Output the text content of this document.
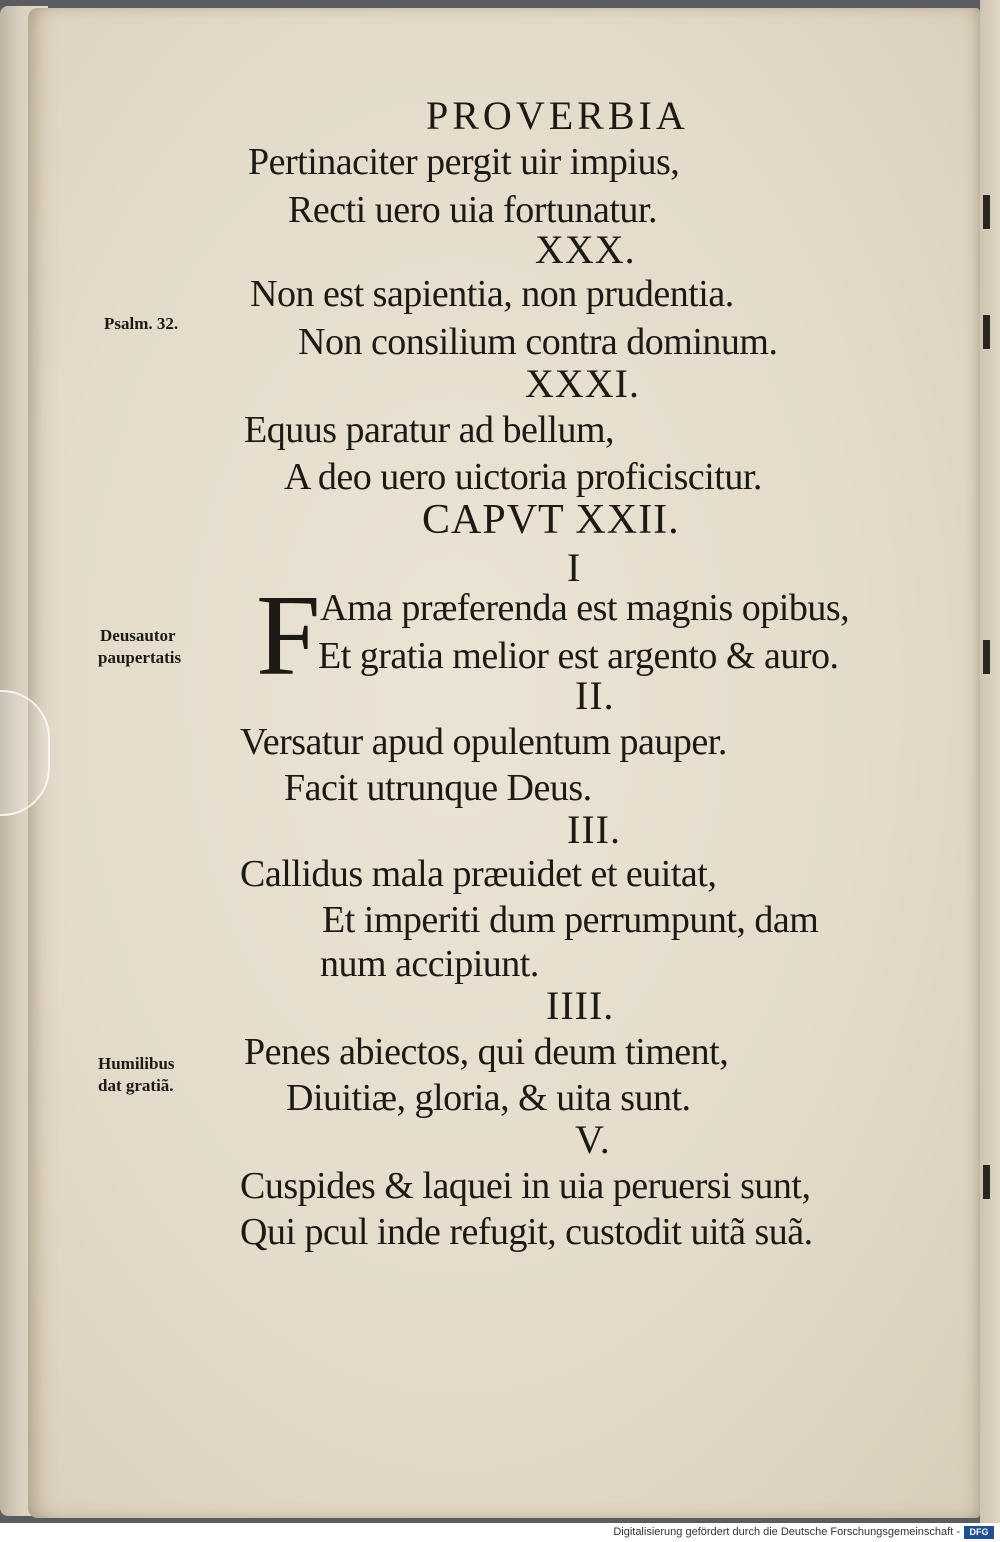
PROVERBIA
Pertinaciter pergit uir impius,
Recti uero uia fortunatur.
XXX.
Non est sapientia, non prudentia.
Non consilium contra dominum.
XXXI.
Equus paratur ad bellum,
A deo uero uictoria proficiscitur.
CAPVT XXII.
I
F Ama præferenda est magnis opibus,
Et gratia melior est argento & auro.
II.
Versatur apud opulentum pauper.
Facit utrunque Deus.
III.
Callidus mala præuidet et euitat,
Et imperiti dum perrumpunt, dam
num accipiunt.
IIII.
Penes abiectos, qui deum timent,
Diuitiæ, gloria, & uita sunt.
V.
Cuspides & laquei in uia peruersi sunt,
Qui pcul inde refugit, custodit uitã suã.
Psalm. 32.
Deusautor
paupertatis
Humilibus
dat gratiã.
Digitalisierung gefördert durch die Deutsche Forschungsgemeinschaft -	DFG
